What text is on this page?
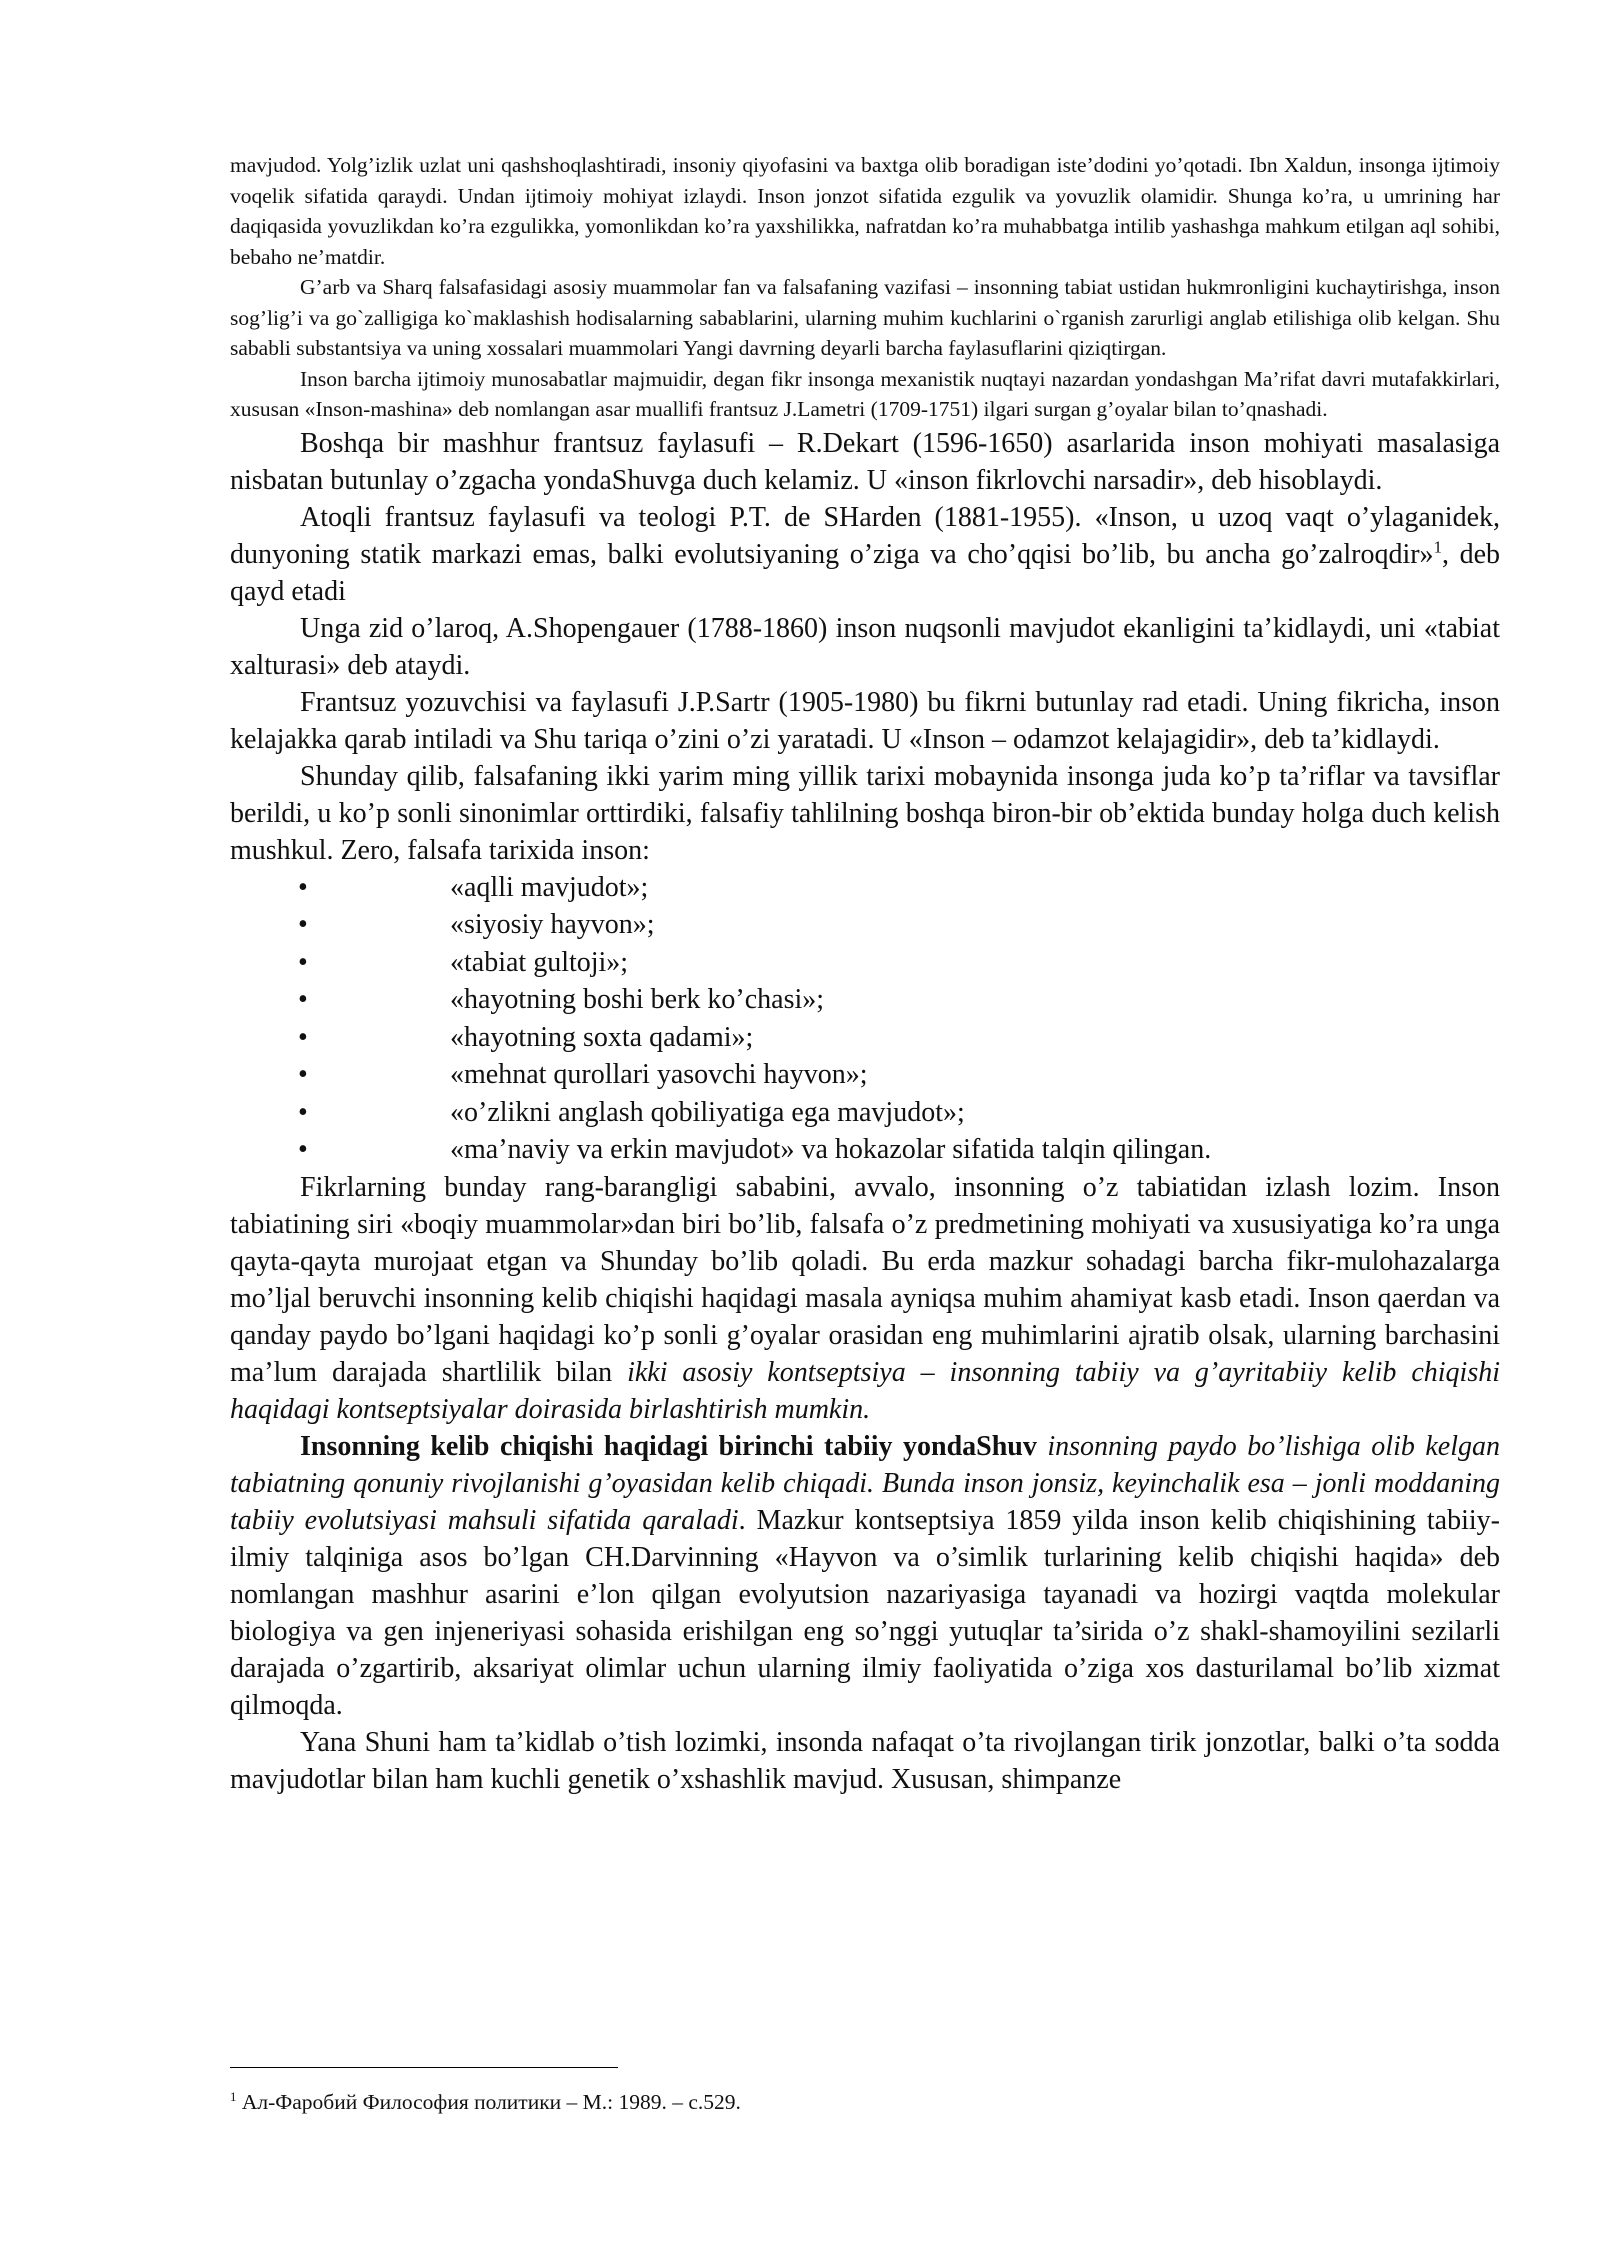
mavjudod. Yolg’izlik uzlat uni qashshoqlashtiradi, insoniy qiyofasini va baxtga olib boradigan iste’dodini yo’qotadi. Ibn Xaldun, insonga ijtimoiy voqelik sifatida qaraydi. Undan ijtimoiy mohiyat izlaydi. Inson jonzot sifatida ezgulik va yovuzlik olamidir. Shunga ko’ra, u umrining har daqiqasida yovuzlikdan ko’ra ezgulikka, yomonlikdan ko’ra yaxshilikka, nafratdan ko’ra muhabbatga intilib yashashga mahkum etilgan aql sohibi, bebaho ne’matdir.

G’arb va Sharq falsafasidagi asosiy muammolar fan va falsafaning vazifasi – insonning tabiat ustidan hukmronligini kuchaytirishga, inson sog’lig’i va go`zalligiga ko`maklashish hodisalarning sabablarini, ularning muhim kuchlarini o`rganish zarurligi anglab etilishiga olib kelgan. Shu sababli substantsiya va uning xossalari muammolari Yangi davrning deyarli barcha faylasuflarini qiziqtirgan.

Inson barcha ijtimoiy munosabatlar majmuidir, degan fikr insonga mexanistik nuqtayi nazardan yondashgan Ma’rifat davri mutafakkirlari, xususan «Inson-mashina» deb nomlangan asar muallifi frantsuz J.Lametri (1709-1751) ilgari surgan g’oyalar bilan to’qnashadi.

Boshqa bir mashhur frantsuz faylasufi – R.Dekart (1596-1650) asarlarida inson mohiyati masalasiga nisbatan butunlay o’zgacha yondaShuvga duch kelamiz. U «inson fikrlovchi narsadir», deb hisoblaydi.

Atoqli frantsuz faylasufi va teologi P.T. de SHarden (1881-1955). «Inson, u uzoq vaqt o’ylaganidek, dunyoning statik markazi emas, balki evolutsiyaning o’ziga va cho’qqisi bo’lib, bu ancha go’zalroqdir»$^1$, deb qayd etadi

Unga zid o’laroq, A.Shopengauer (1788-1860) inson nuqsonli mavjudot ekanligini ta’kidlaydi, uni «tabiat xalturasi» deb ataydi.

Frantsuz yozuvchisi va faylasufi J.P.Sartr (1905-1980) bu fikrni butunlay rad etadi. Uning fikricha, inson kelajakka qarab intiladi va Shu tariqa o’zini o’zi yaratadi. U «Inson – odamzot kelajagidir», deb ta’kidlaydi.

Shunday qilib, falsafaning ikki yarim ming yillik tarixi mobaynida insonga juda ko’p ta’riflar va tavsiflar berildi, u ko’p sonli sinonimlar orttirdiki, falsafiy tahlilning boshqa biron-bir ob’ektida bunday holga duch kelish mushkul. Zero, falsafa tarixida inson:

•	«aqlli mavjudot»;
•	«siyosiy hayvon»;
•	«tabiat gultoji»;
•	«hayotning boshi berk ko’chasi»;
•	«hayotning soxta qadami»;
•	«mehnat qurollari yasovchi hayvon»;
•	«o’zlikni anglash qobiliyatiga ega mavjudot»;
•	«ma’naviy va erkin mavjudot» va hokazolar sifatida talqin qilingan.

Fikrlarning bunday rang-barangligi sababini, avvalo, insonning o’z tabiatidan izlash lozim. Inson tabiatining siri «boqiy muammolar»dan biri bo’lib, falsafa o’z predmetining mohiyati va xususiyatiga ko’ra unga qayta-qayta murojaat etgan va Shunday bo’lib qoladi. Bu erda mazkur sohadagi barcha fikr-mulohazalarga mo’ljal beruvchi insonning kelib chiqishi haqidagi masala ayniqsa muhim ahamiyat kasb etadi. Inson qaerdan va qanday paydo bo’lgani haqidagi ko’p sonli g’oyalar orasidan eng muhimlarini ajratib olsak, ularning barchasini ma’lum darajada shartlilik bilan ikki asosiy kontseptsiya – insonning tabiiy va g’ayritabiiy kelib chiqishi haqidagi kontseptsiyalar doirasida birlashtirish mumkin.

Insonning kelib chiqishi haqidagi birinchi tabiiy yondaShuv insonning paydo bo’lishiga olib kelgan tabiatning qonuniy rivojlanishi g’oyasidan kelib chiqadi. Bunda inson jonsiz, keyinchalik esa – jonli moddaning tabiiy evolutsiyasi mahsuli sifatida qaraladi. Mazkur kontseptsiya 1859 yilda inson kelib chiqishining tabiiy-ilmiy talqiniga asos bo’lgan CH.Darvinning «Hayvon va o’simlik turlarining kelib chiqishi haqida» deb nomlangan mashhur asarini e’lon qilgan evolyutsion nazariyasiga tayanadi va hozirgi vaqtda molekular biologiya va gen injeneriyasi sohasida erishilgan eng so’nggi yutuqlar ta’sirida o’z shakl-shamoyilini sezilarli darajada o’zgartirib, aksariyat olimlar uchun ularning ilmiy faoliyatida o’ziga xos dasturilamal bo’lib xizmat qilmoqda.

Yana Shuni ham ta’kidlab o’tish lozimki, insonda nafaqat o’ta rivojlangan tirik jonzotlar, balki o’ta sodda mavjudotlar bilan ham kuchli genetik o’xshashlik mavjud. Xususan, shimpanze

$^1$ Ал-Фаробий Философия политики – М.: 1989. – с.529.
